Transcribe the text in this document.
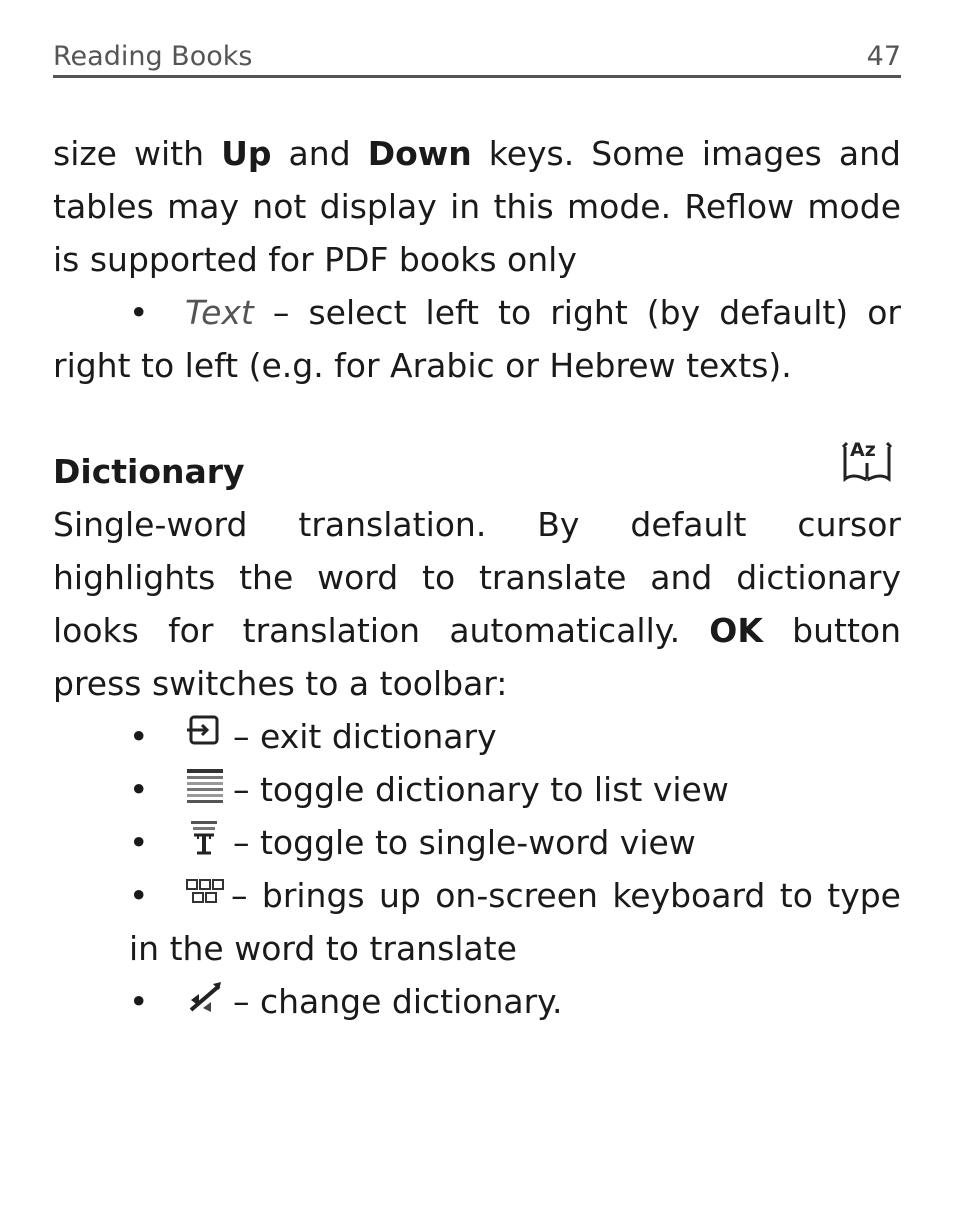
Reading Books	47

size with Up and Down keys. Some images and tables may not display in this mode. Reflow mode is supported for PDF books only

• Text – select left to right (by default) or right to left (e.g. for Arabic or Hebrew texts).

Dictionary
Az

Single-word translation. By default cursor highlights the word to translate and dictionary looks for translation automatically. OK button press switches to a toolbar:

•	– exit dictionary
•	– toggle dictionary to list view
•	– toggle to single-word view
•	– brings up on-screen keyboard to type in the word to translate
•	– change dictionary.
